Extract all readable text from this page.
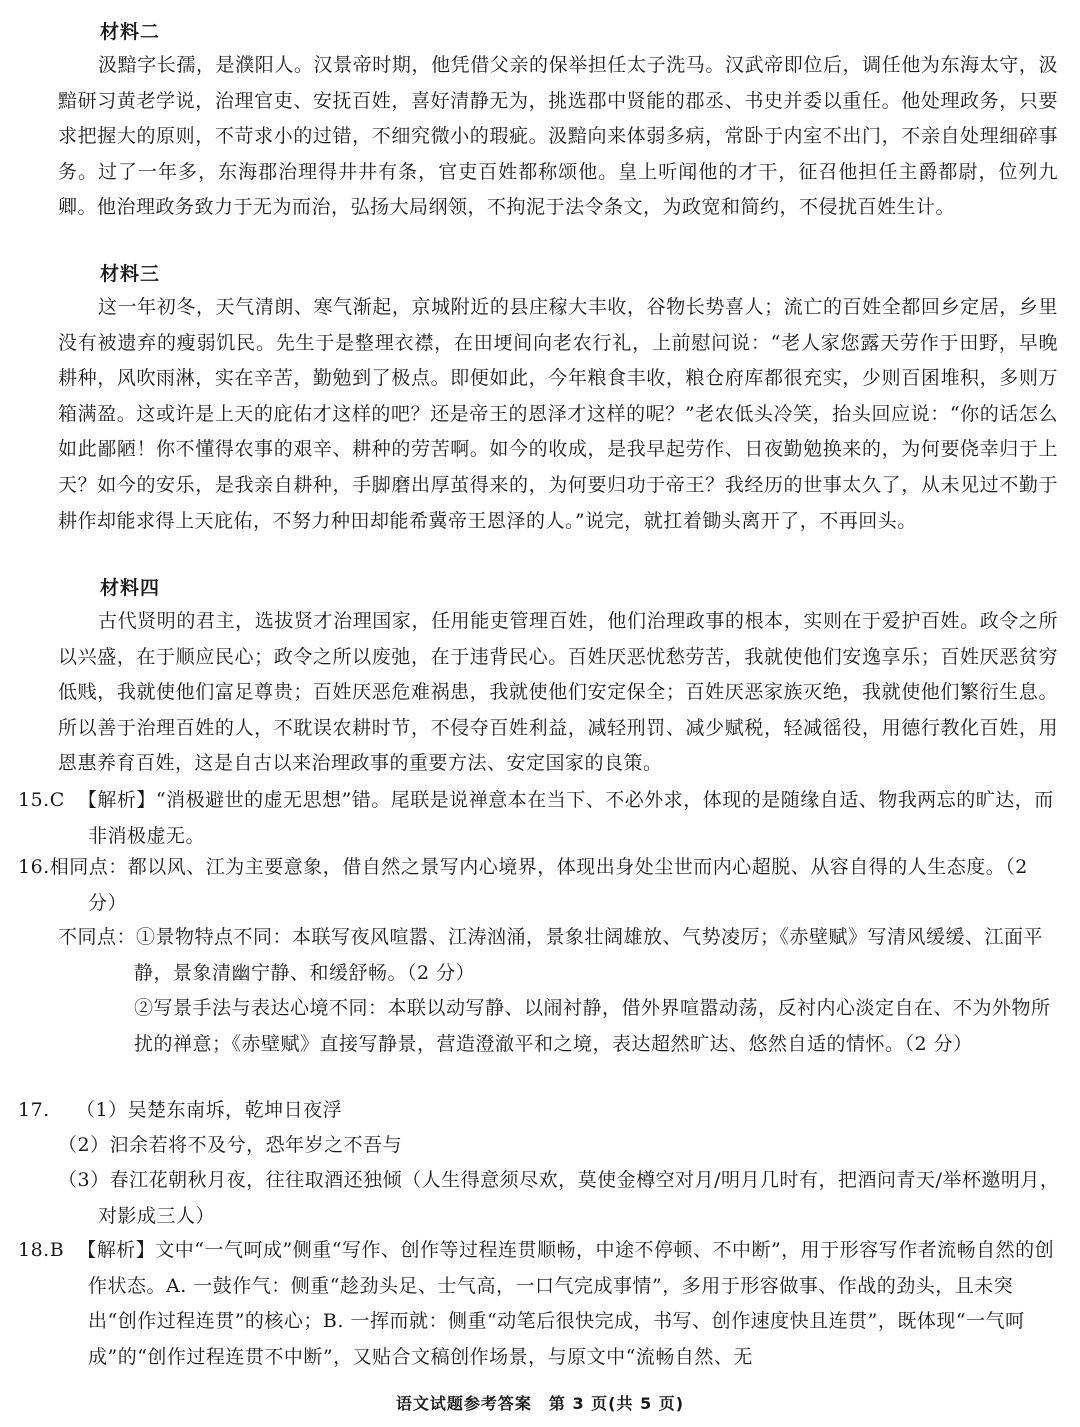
材料二
汲黯字长孺，是濮阳人。汉景帝时期，他凭借父亲的保举担任太子洗马。汉武帝即位后，调任他为东海太守，汲黯研习黄老学说，治理官吏、安抚百姓，喜好清静无为，挑选郡中贤能的郡丞、书史并委以重任。他处理政务，只要求把握大的原则，不苛求小的过错，不细究微小的瑕疵。汲黯向来体弱多病，常卧于内室不出门，不亲自处理细碎事务。过了一年多，东海郡治理得井井有条，官吏百姓都称颂他。皇上听闻他的才干，征召他担任主爵都尉，位列九卿。他治理政务致力于无为而治，弘扬大局纲领，不拘泥于法令条文，为政宽和简约，不侵扰百姓生计。
材料三
这一年初冬，天气清朗、寒气渐起，京城附近的县庄稼大丰收，谷物长势喜人；流亡的百姓全都回乡定居，乡里没有被遗弃的瘦弱饥民。先生于是整理衣襟，在田埂间向老农行礼，上前慰问说：“老人家您露天劳作于田野，早晚耕种，风吹雨淋，实在辛苦，勤勉到了极点。即便如此，今年粮食丰收，粮仓府库都很充实，少则百囷堆积，多则万箱满盈。这或许是上天的庇佑才这样的吧？还是帝王的恩泽才这样的呢？”老农低头冷笑，抬头回应说：“你的话怎么如此鄙陋！你不懂得农事的艰辛、耕种的劳苦啊。如今的收成，是我早起劳作、日夜勤勉换来的，为何要侥幸归于上天？如今的安乐，是我亲自耕种，手脚磨出厚茧得来的，为何要归功于帝王？我经历的世事太久了，从未见过不勤于耕作却能求得上天庇佑，不努力种田却能希冀帝王恩泽的人。”说完，就扛着锄头离开了，不再回头。
材料四
古代贤明的君主，选拔贤才治理国家，任用能吏管理百姓，他们治理政事的根本，实则在于爱护百姓。政令之所以兴盛，在于顺应民心；政令之所以废弛，在于违背民心。百姓厌恶忧愁劳苦，我就使他们安逸享乐；百姓厌恶贫穷低贱，我就使他们富足尊贵；百姓厌恶危难祸患，我就使他们安定保全；百姓厌恶家族灭绝，我就使他们繁衍生息。所以善于治理百姓的人，不耽误农耕时节，不侵夺百姓利益，减轻刑罚、减少赋税，轻减徭役，用德行教化百姓，用恩惠养育百姓，这是自古以来治理政事的重要方法、安定国家的良策。
15.C 【解析】“消极避世的虚无思想”错。尾联是说禅意本在当下、不必外求，体现的是随缘自适、物我两忘的旷达，而非消极虚无。
16.相同点：都以风、江为主要意象，借自然之景写内心境界，体现出身处尘世而内心超脱、从容自得的人生态度。（2 分）
不同点：①景物特点不同：本联写夜风喧嚣、江涛汹涌，景象壮阔雄放、气势凌厉；《赤壁赋》写清风缓缓、江面平静，景象清幽宁静、和缓舒畅。（2 分）
②写景手法与表达心境不同：本联以动写静、以闹衬静，借外界喧嚣动荡，反衬内心淡定自在、不为外物所扰的禅意；《赤壁赋》直接写静景，营造澄澈平和之境，表达超然旷达、悠然自适的情怀。（2 分）
17. （1）吴楚东南坼，乾坤日夜浮
（2）汩余若将不及兮，恐年岁之不吾与
（3）春江花朝秋月夜，往往取酒还独倾（人生得意须尽欢，莫使金樽空对月/明月几时有，把酒问青天/举杯邀明月，对影成三人）
18.B 【解析】文中“一气呵成”侧重“写作、创作等过程连贯顺畅，中途不停顿、不中断”，用于形容写作者流畅自然的创作状态。A. 一鼓作气：侧重“趁劲头足、士气高，一口气完成事情”，多用于形容做事、作战的劲头，且未突出“创作过程连贯”的核心；B. 一挥而就：侧重“动笔后很快完成，书写、创作速度快且连贯”，既体现“一气呵成”的“创作过程连贯不中断”，又贴合文稿创作场景，与原文中“流畅自然、无
语文试题参考答案　第 3 页(共 5 页)
